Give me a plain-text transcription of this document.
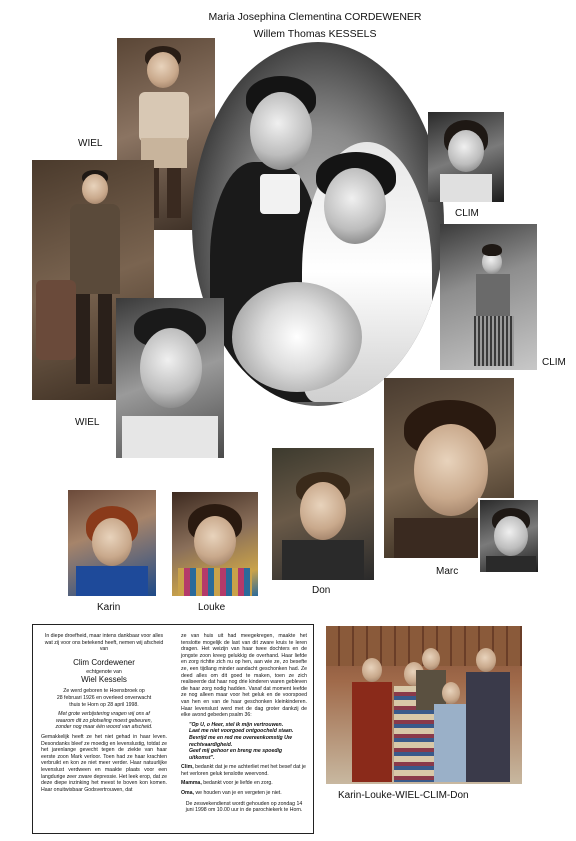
Maria Josephina Clementina CORDEWENER
Willem Thomas KESSELS
WIEL
CLIM
CLIM
WIEL
Marc
Don
Karin	Louke

In diepe droefheid, maar intens dankbaar voor alles wat zij voor ons betekend heeft, nemen wij afscheid van

Clim Cordewener

echtgenote van

Wiel Kessels

Ze werd geboren te Hoensbroek op

28 februari 1926 en overleed onverwacht

thuis te Horn op 28 april 1998.

Met grote verbijstering vragen wij ons af

waarom dit zo plotseling moest gebeuren,

zonder nog maar één woord van afscheid.

Gemakkelijk heeft ze het niet gehad in haar leven. Desondanks bleef ze moedig en levenslustig, totdat ze het jarenlange gevecht tegen de ziekte van haar eerste zoon Mark verloor. Toen had ze haar krachten verbruikt en kon ze niet meer verder. Haar natuurlijke levenslust verdween en maakte plaats voor een langdurige zeer zware depressie. Het leek erop, dat ze deze diepe inzinking het meest te boven kon komen. Haar onuitwisbaar Godsvertrouwen, dat

ze van huis uit had meegekregen, maakte het tenslotte mogelijk de last van dit zware kruis te leren dragen. Het weizijn van haar twee dochters en de jongste zoon kreeg gelukkig de overhand. Haar liefde en zorg richtte zich nu op hen, aan wie ze, zo besefte ze, een tijdlang minder aandacht geschonken had. Ze deed alles om dit goed te maken, toen ze zich realiseerde dat haar nog drie kinderen waren gebleven die haar zorg nodig hadden. Vanaf dat moment leefde ze nog alleen maar voor het geluk en de voorspoed van hen en van de haar geschonken kleinkinderen. Haar levenslust werd met de dag groter dankzij de elke avond gebeden psalm 36:

"Op U, o Heer, stel ik mijn vertrouwen.

Laat me niet voorgoed ontgoocheld staan.

Bevrijd me en red me overeenkomstig Uw

rechtvaardigheid.

Geef mij gehoor en breng me spoedig uitkomst".

Clim, bedankt dat je me achterliet met het besef dat je het verloren geluk tenslotte weervond.

Mamma, bedankt voor je liefde en zorg.

Oma, we houden van je en vergeten je niet.

De zeswekendienst wordt gehouden op zondag 14 juni 1998 om 10.00 uur in de parochiekerk te Horn.

Karin-Louke-WIEL-CLIM-Don
